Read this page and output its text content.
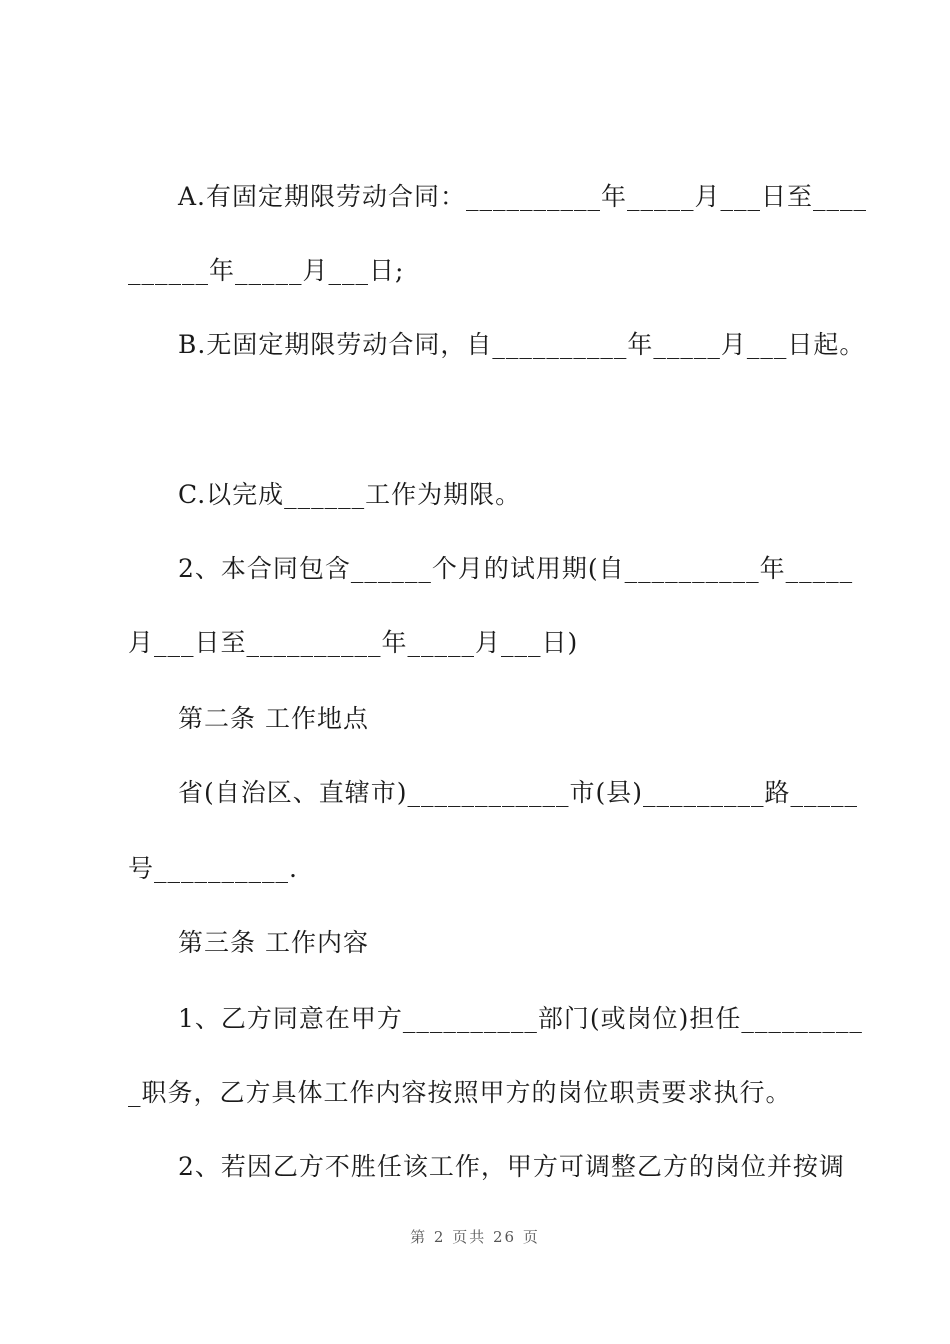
A.有固定期限劳动合同：__________年_____月___日至____
______年_____月___日;
B.无固定期限劳动合同，自__________年_____月___日起。
C.以完成______工作为期限。
2、本合同包含______个月的试用期(自__________年_____
月___日至__________年_____月___日)
第二条 工作地点
省(自治区、直辖市)____________市(县)_________路_____
号__________.
第三条 工作内容
1、乙方同意在甲方__________部门(或岗位)担任_________
_职务，乙方具体工作内容按照甲方的岗位职责要求执行。
2、若因乙方不胜任该工作，甲方可调整乙方的岗位并按调
第 2 页共 26 页
